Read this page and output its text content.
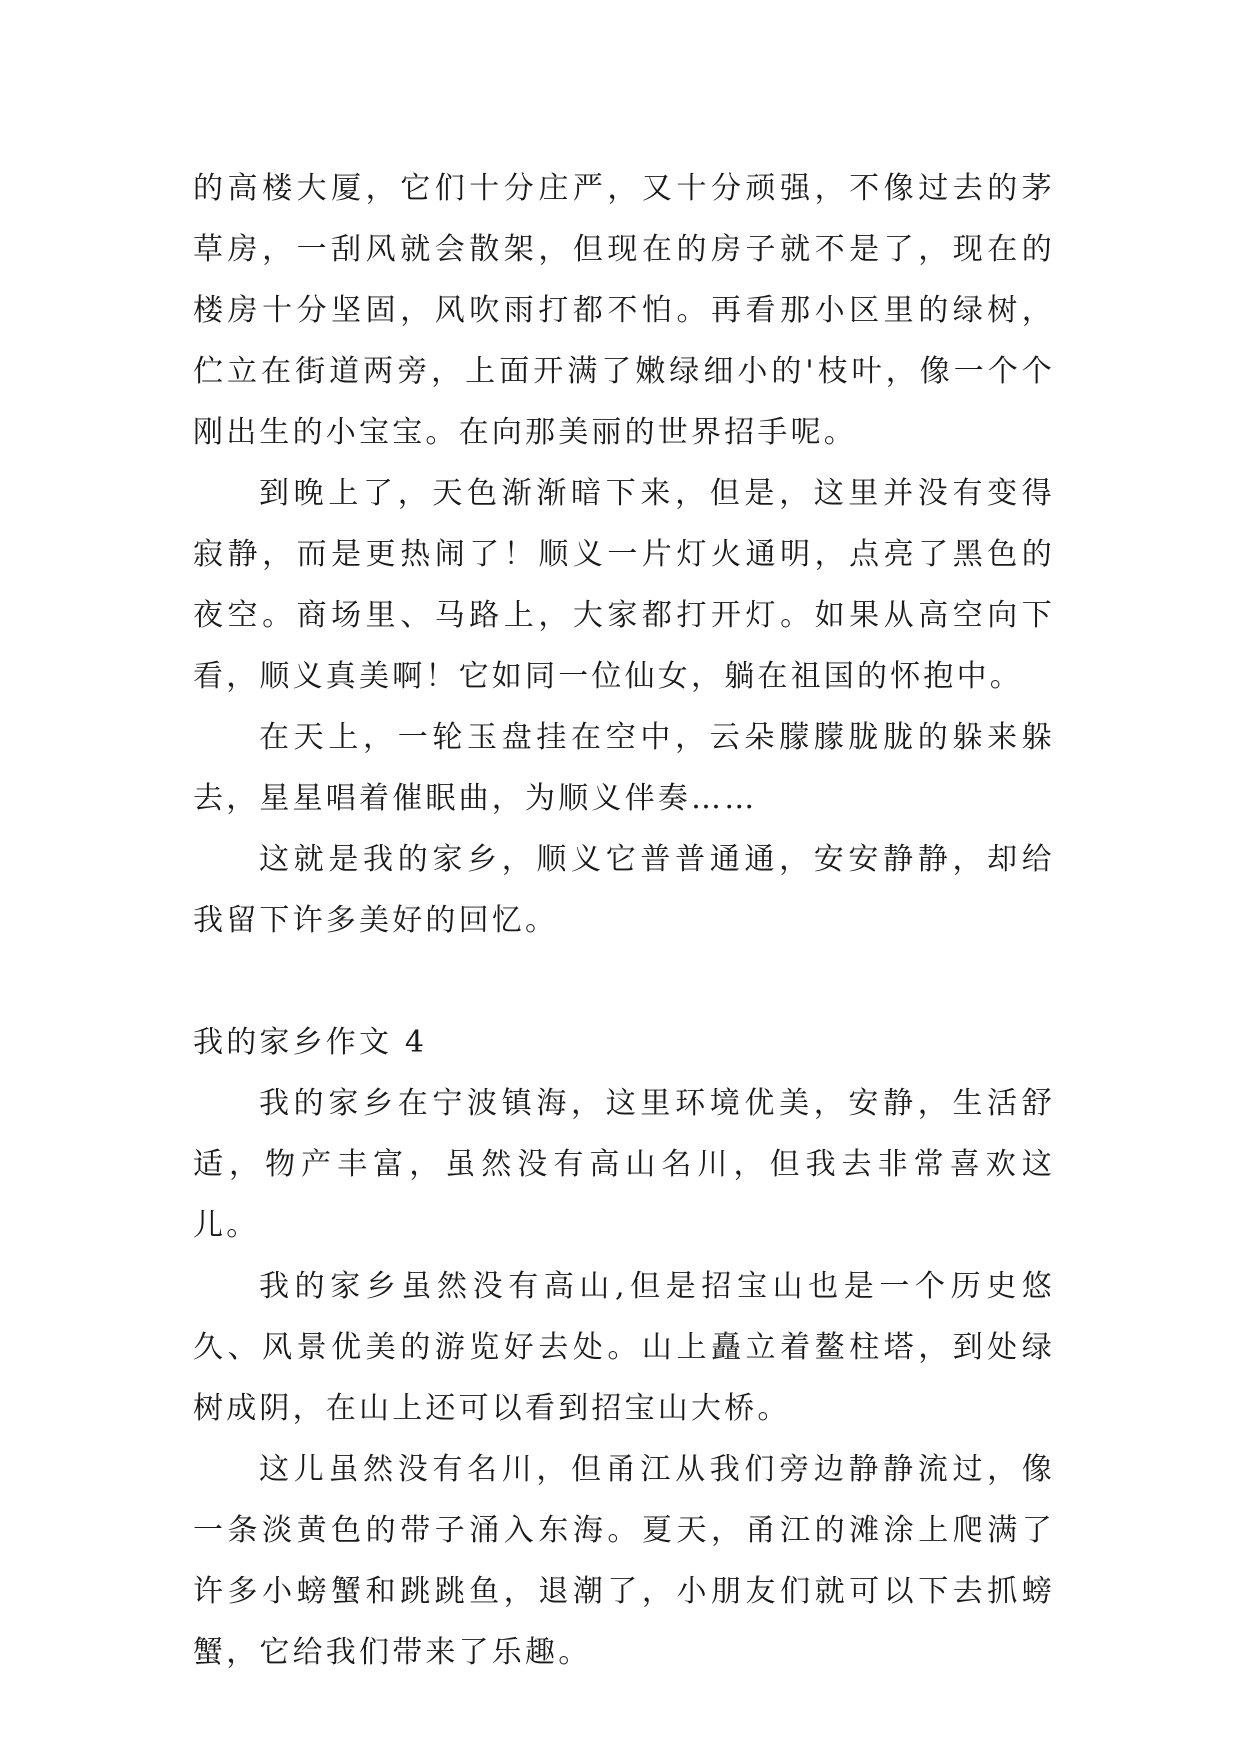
的高楼大厦，它们十分庄严，又十分顽强，不像过去的茅草房，一刮风就会散架，但现在的房子就不是了，现在的楼房十分坚固，风吹雨打都不怕。再看那小区里的绿树，伫立在街道两旁，上面开满了嫩绿细小的'枝叶，像一个个刚出生的小宝宝。在向那美丽的世界招手呢。

到晚上了，天色渐渐暗下来，但是，这里并没有变得寂静，而是更热闹了！顺义一片灯火通明，点亮了黑色的夜空。商场里、马路上，大家都打开灯。如果从高空向下看，顺义真美啊！它如同一位仙女，躺在祖国的怀抱中。

在天上，一轮玉盘挂在空中，云朵朦朦胧胧的躲来躲去，星星唱着催眠曲，为顺义伴奏……

这就是我的家乡，顺义它普普通通，安安静静，却给我留下许多美好的回忆。

我的家乡作文 4

我的家乡在宁波镇海，这里环境优美，安静，生活舒适，物产丰富，虽然没有高山名川，但我去非常喜欢这儿。

我的家乡虽然没有高山,但是招宝山也是一个历史悠久、风景优美的游览好去处。山上矗立着鳌柱塔，到处绿树成阴，在山上还可以看到招宝山大桥。

这儿虽然没有名川，但甬江从我们旁边静静流过，像一条淡黄色的带子涌入东海。夏天，甬江的滩涂上爬满了许多小螃蟹和跳跳鱼，退潮了，小朋友们就可以下去抓螃蟹，它给我们带来了乐趣。
